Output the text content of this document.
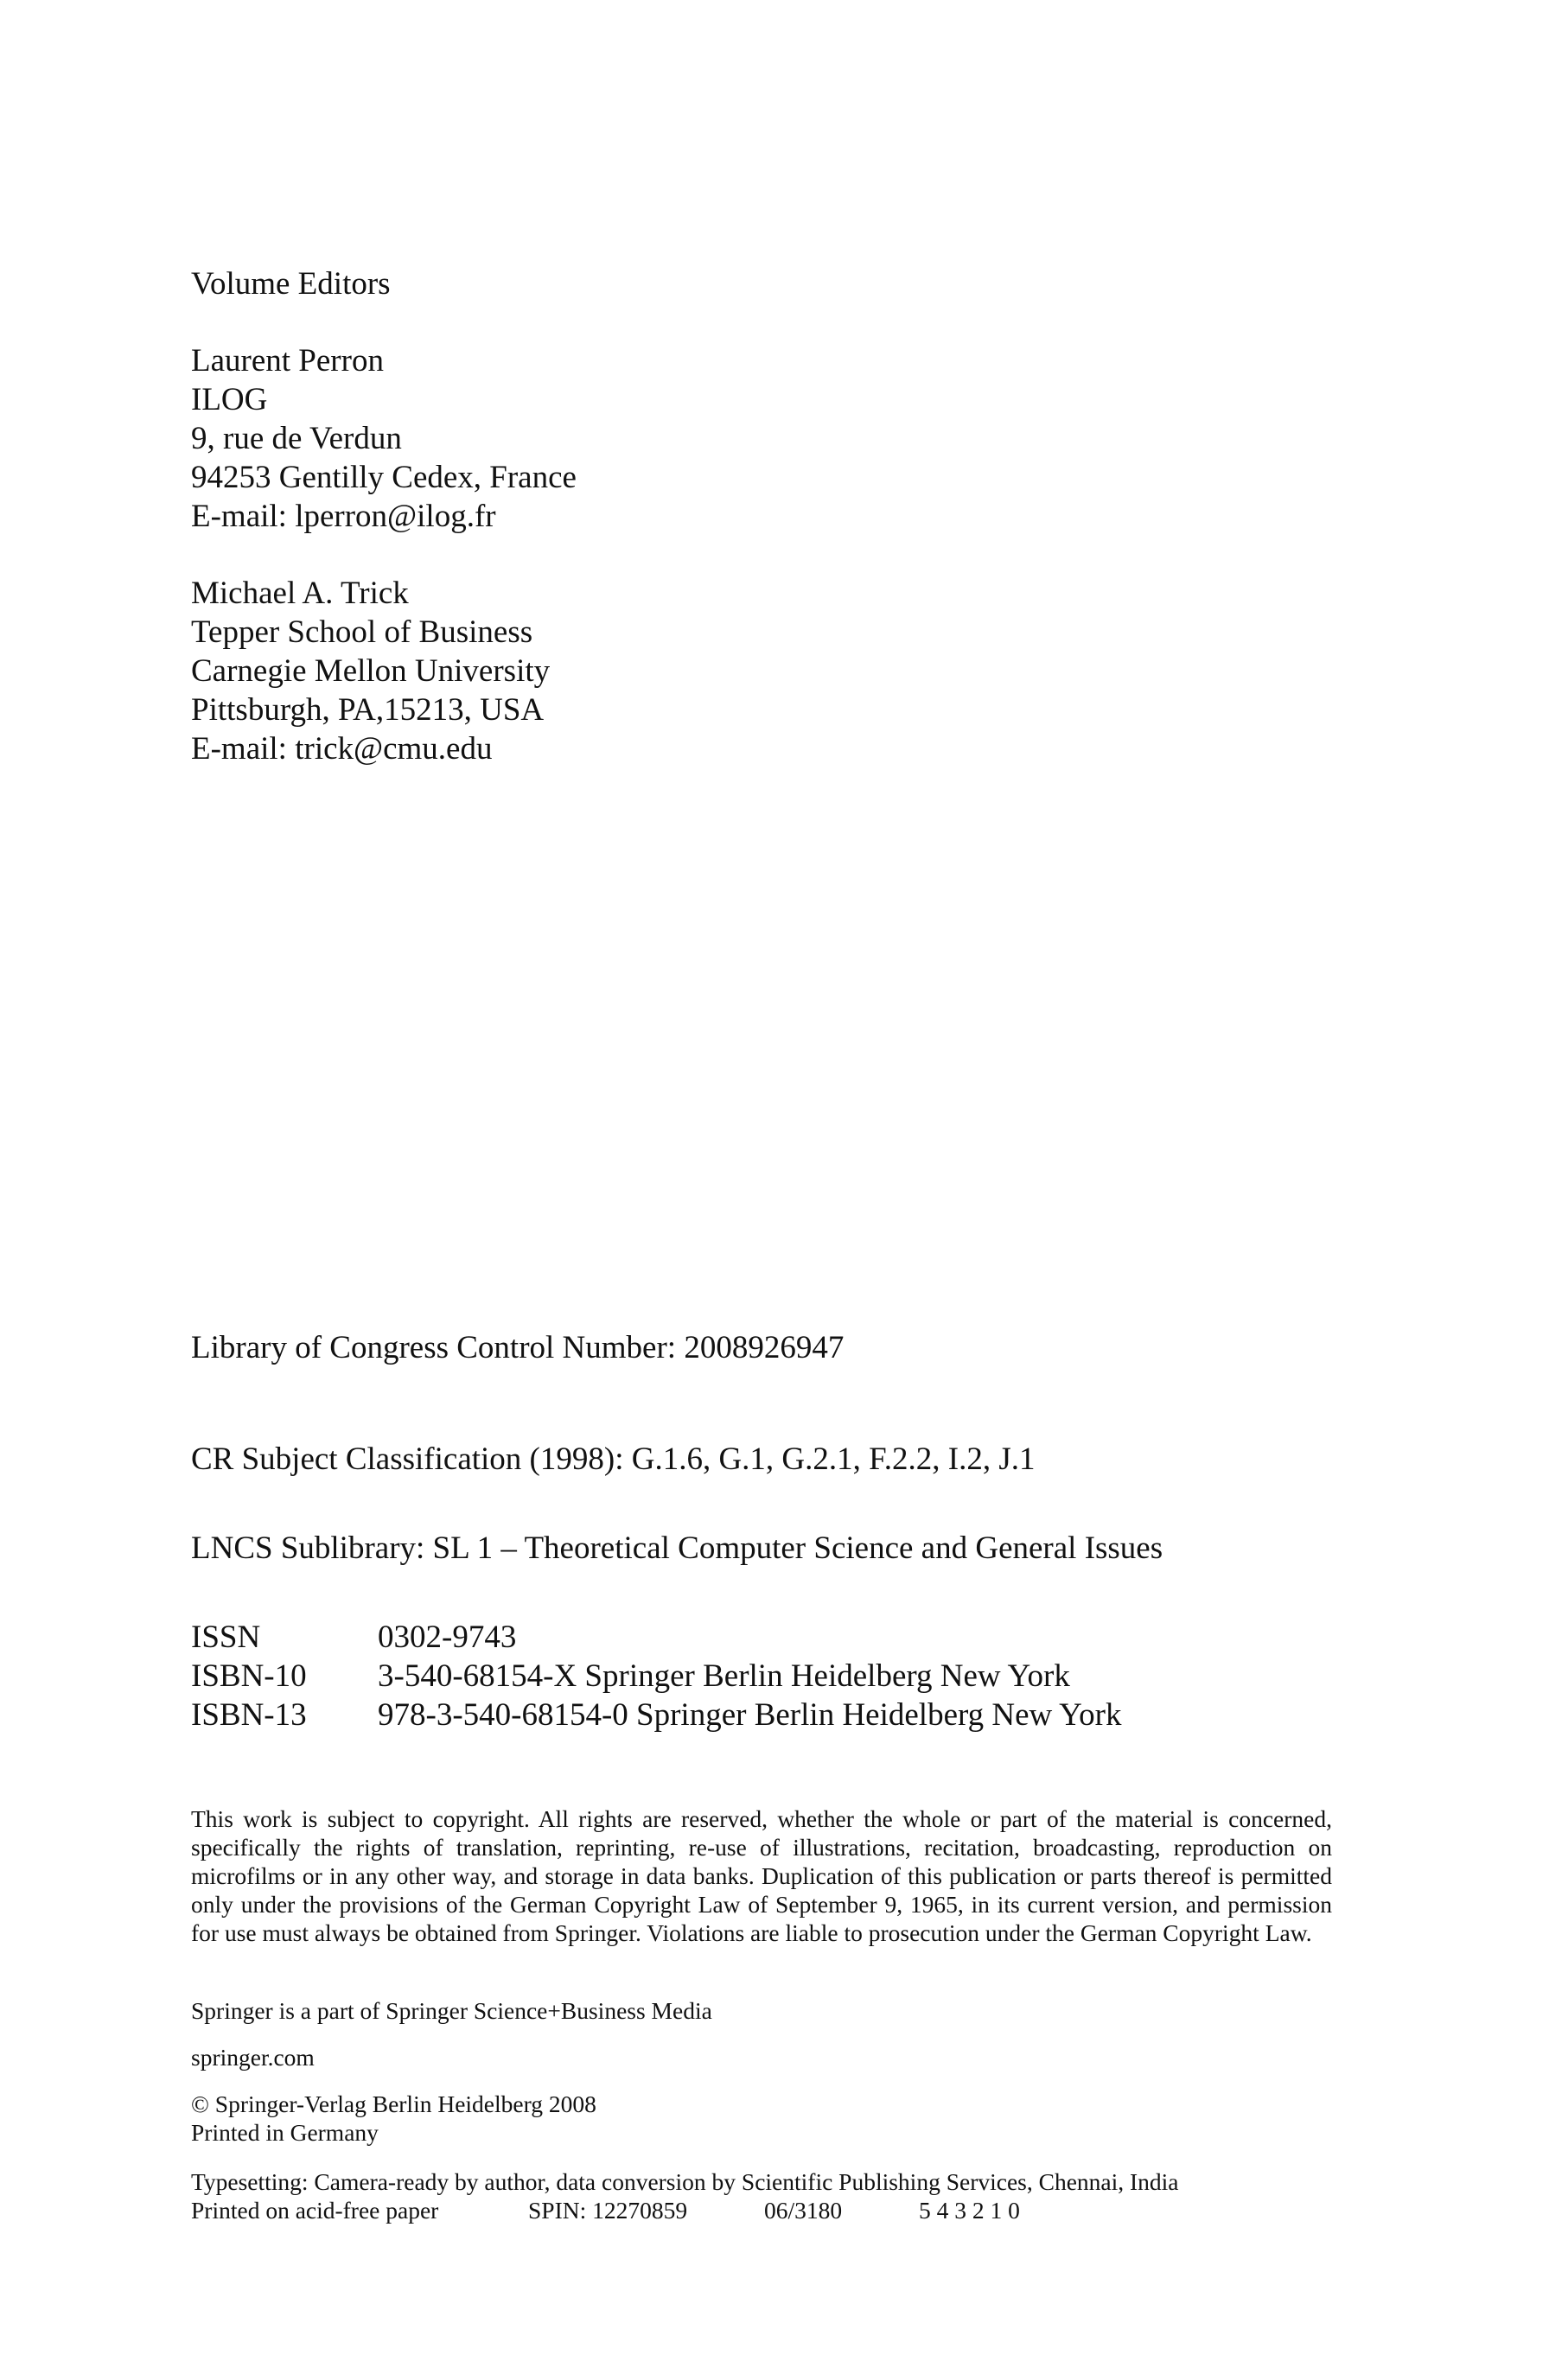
Volume Editors
Laurent Perron
ILOG
9, rue de Verdun
94253 Gentilly Cedex, France
E-mail: lperron@ilog.fr
Michael A. Trick
Tepper School of Business
Carnegie Mellon University
Pittsburgh, PA,15213, USA
E-mail: trick@cmu.edu
Library of Congress Control Number: 2008926947
CR Subject Classification (1998): G.1.6, G.1, G.2.1, F.2.2, I.2, J.1
LNCS Sublibrary: SL 1 – Theoretical Computer Science and General Issues
ISSN	0302-9743
ISBN-10	3-540-68154-X Springer Berlin Heidelberg New York
ISBN-13	978-3-540-68154-0 Springer Berlin Heidelberg New York
This work is subject to copyright. All rights are reserved, whether the whole or part of the material is concerned, specifically the rights of translation, reprinting, re-use of illustrations, recitation, broadcasting, reproduction on microfilms or in any other way, and storage in data banks. Duplication of this publication or parts thereof is permitted only under the provisions of the German Copyright Law of September 9, 1965, in its current version, and permission for use must always be obtained from Springer. Violations are liable to prosecution under the German Copyright Law.
Springer is a part of Springer Science+Business Media
springer.com
© Springer-Verlag Berlin Heidelberg 2008
Printed in Germany
Typesetting: Camera-ready by author, data conversion by Scientific Publishing Services, Chennai, India
Printed on acid-free paper	SPIN: 12270859	06/3180	5 4 3 2 1 0
